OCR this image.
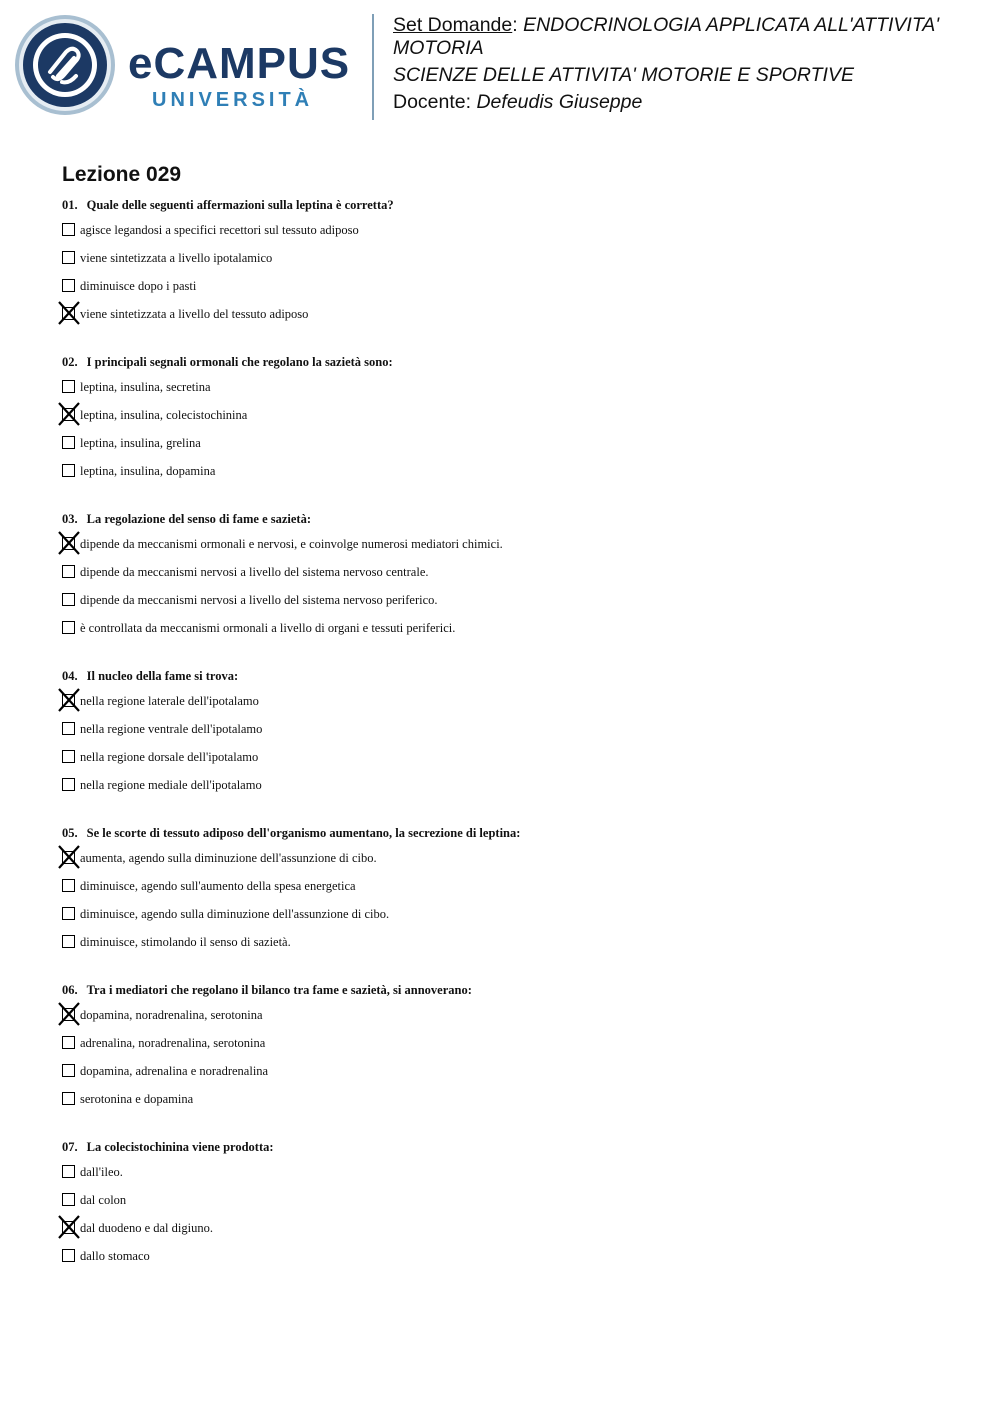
eCAMPUS
UNIVERSITÀ
Set Domande: ENDOCRINOLOGIA APPLICATA ALL'ATTIVITA' MOTORIA
SCIENZE DELLE ATTIVITA' MOTORIE E SPORTIVE
Docente: Defeudis Giuseppe
Lezione 029

01. Quale delle seguenti affermazioni sulla leptina è corretta?

agisce legandosi a specifici recettori sul tessuto adiposo
viene sintetizzata a livello ipotalamico
diminuisce dopo i pasti
viene sintetizzata a livello del tessuto adiposo

02. I principali segnali ormonali che regolano la sazietà sono:

leptina, insulina, secretina
leptina, insulina, colecistochinina
leptina, insulina, grelina
leptina, insulina, dopamina

03. La regolazione del senso di fame e sazietà:

dipende da meccanismi ormonali e nervosi, e coinvolge numerosi mediatori chimici.
dipende da meccanismi nervosi a livello del sistema nervoso centrale.
dipende da meccanismi nervosi a livello del sistema nervoso periferico.
è controllata da meccanismi ormonali a livello di organi e tessuti periferici.

04. Il nucleo della fame si trova:

nella regione laterale dell'ipotalamo
nella regione ventrale dell'ipotalamo
nella regione dorsale dell'ipotalamo
nella regione mediale dell'ipotalamo

05. Se le scorte di tessuto adiposo dell'organismo aumentano, la secrezione di leptina:

aumenta, agendo sulla diminuzione dell'assunzione di cibo.
diminuisce, agendo sull'aumento della spesa energetica
diminuisce, agendo sulla diminuzione dell'assunzione di cibo.
diminuisce, stimolando il senso di sazietà.

06. Tra i mediatori che regolano il bilanco tra fame e sazietà, si annoverano:

dopamina, noradrenalina, serotonina
adrenalina, noradrenalina, serotonina
dopamina, adrenalina e noradrenalina
serotonina e dopamina

07. La colecistochinina viene prodotta:

dall'ileo.
dal colon
dal duodeno e dal digiuno.
dallo stomaco
